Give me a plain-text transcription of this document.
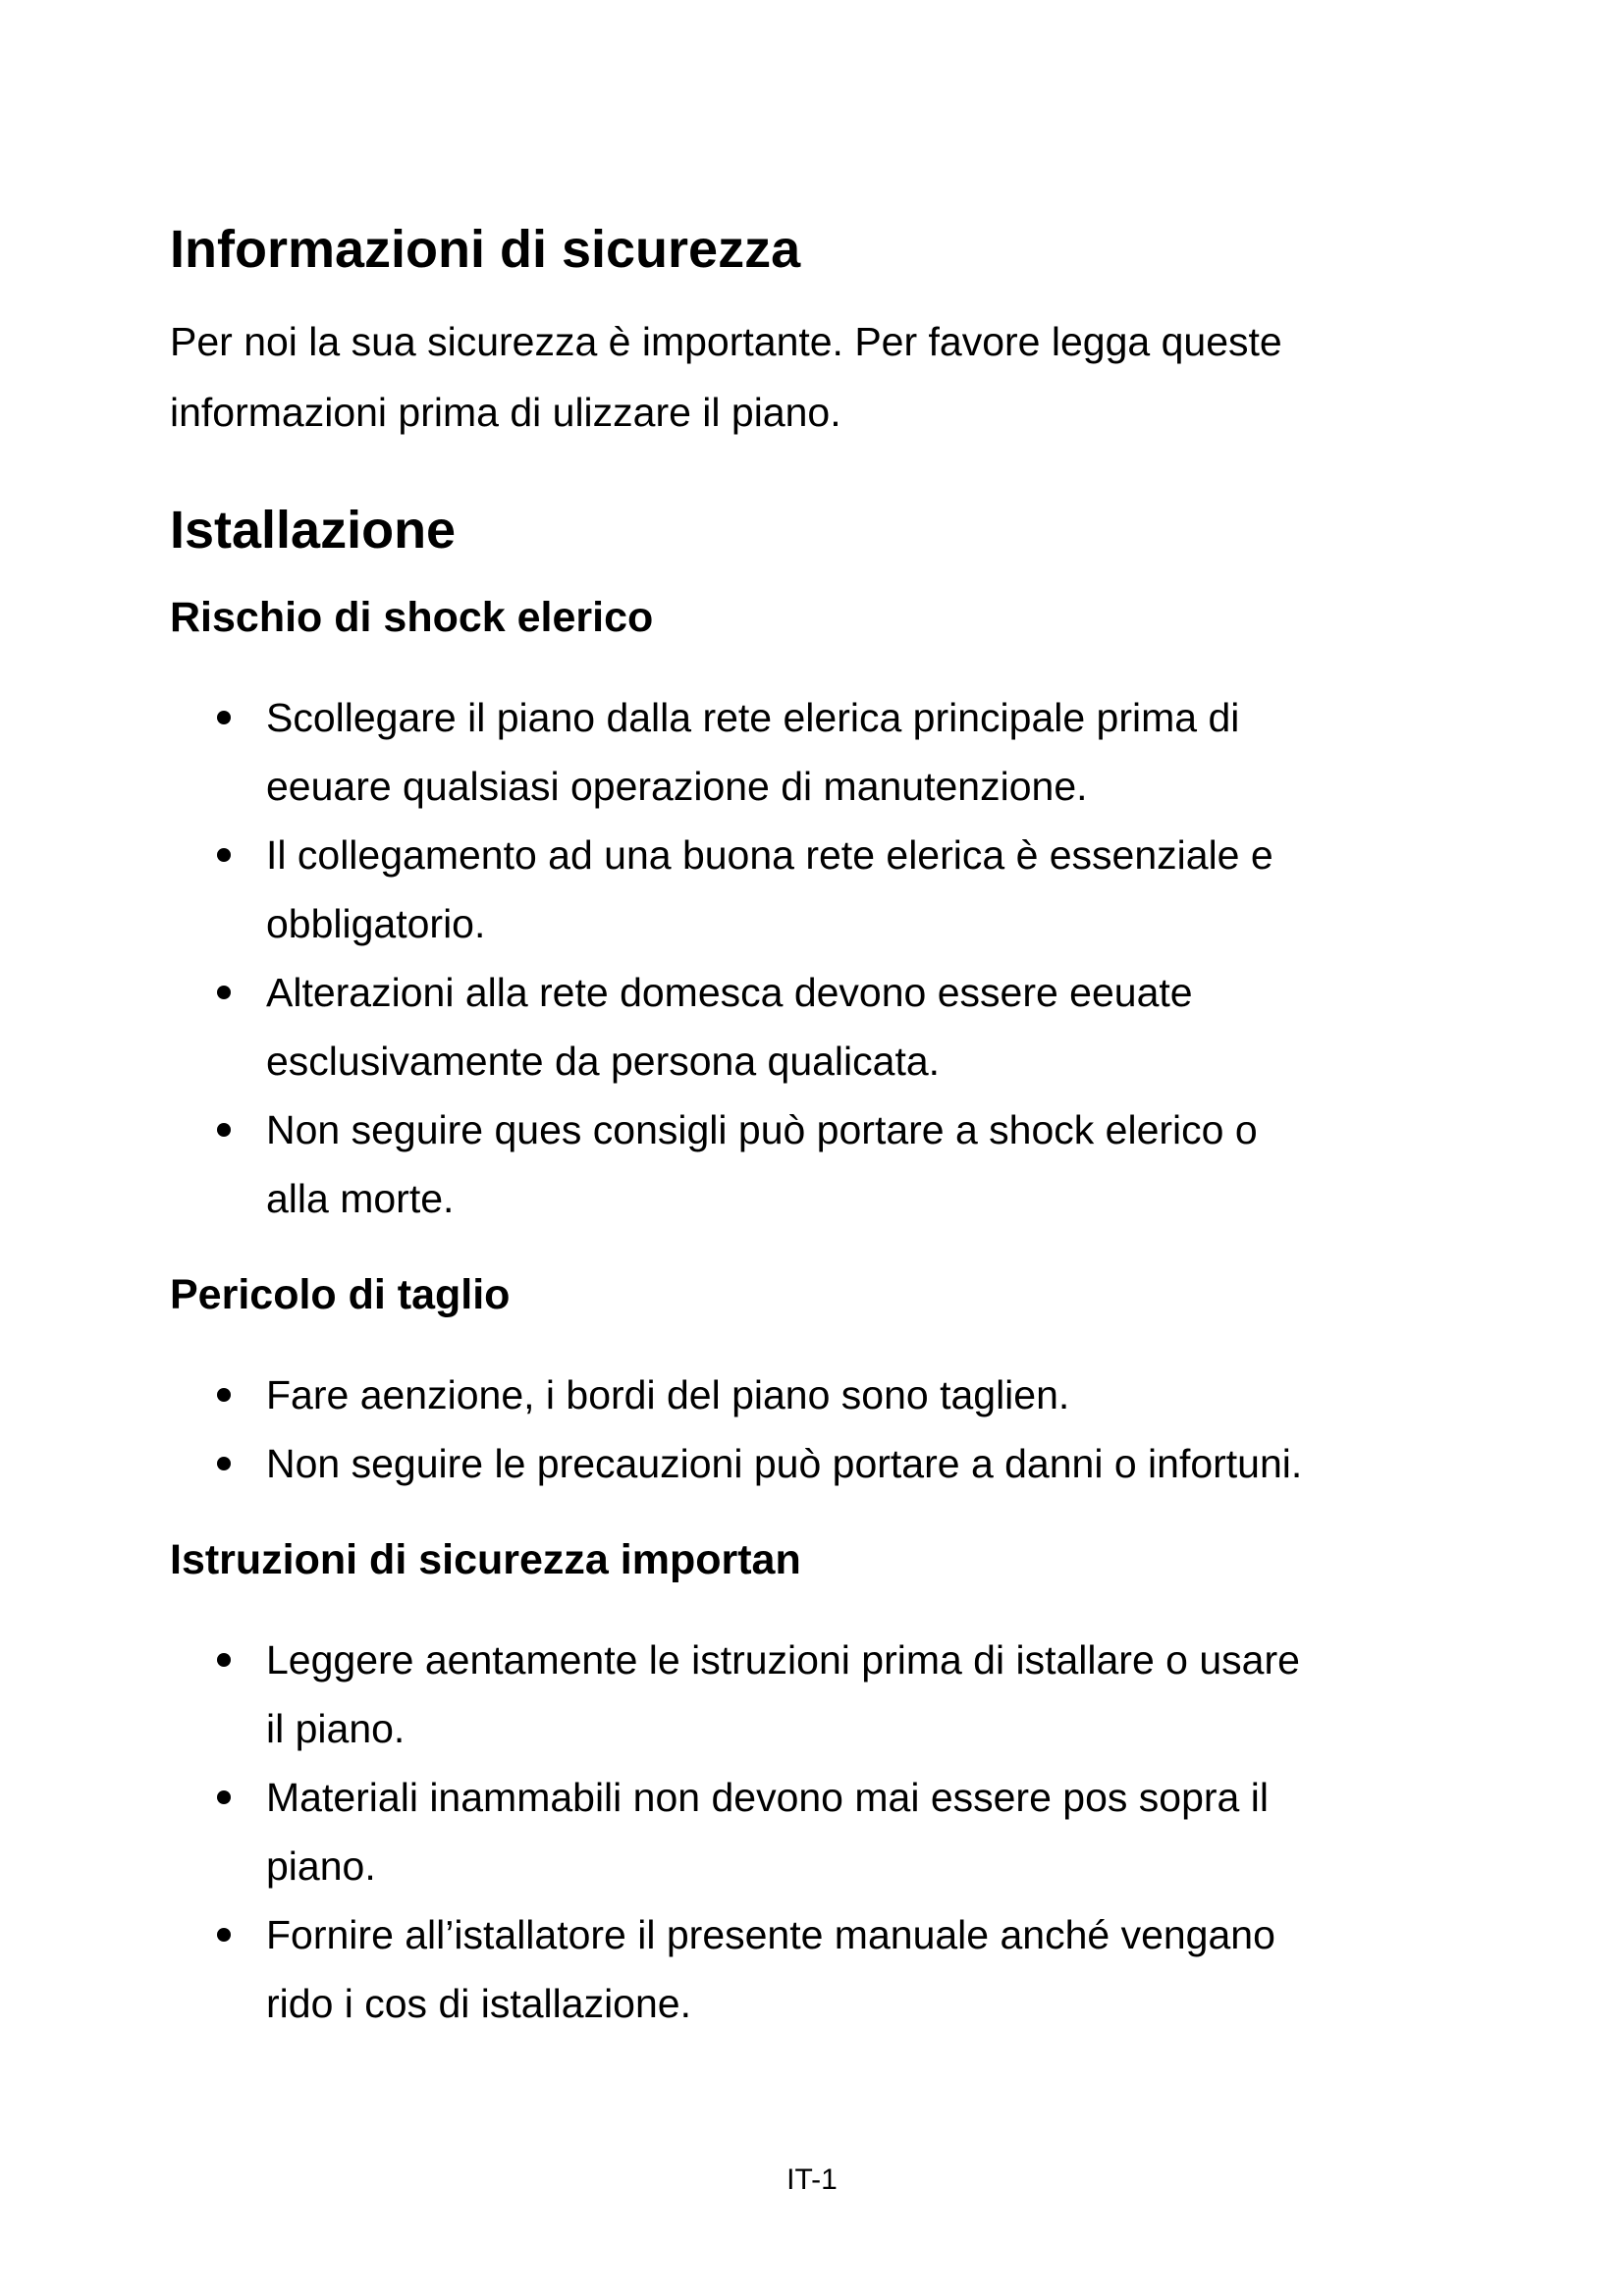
Informazioni di sicurezza

Per noi la sua sicurezza è importante. Per favore legga queste
informazioni prima di ulizzare il piano.

Istallazione
Rischio di shock elerico
Scollegare il piano dalla rete elerica principale prima di
eeuare qualsiasi operazione di manutenzione.
Il collegamento ad una buona rete elerica è essenziale e
obbligatorio.
Alterazioni alla rete domesca devono essere eeuate
esclusivamente da persona qualicata.
Non seguire ques consigli può portare a shock elerico o
alla morte.
Pericolo di taglio
Fare aenzione, i bordi del piano sono taglien.
Non seguire le precauzioni può portare a danni o infortuni.
Istruzioni di sicurezza importan
Leggere aentamente le istruzioni prima di istallare o usare
il piano.
Materiali inammabili non devono mai essere pos sopra il
piano.
Fornire all’istallatore il presente manuale anché vengano
rido i cos di istallazione.
IT-1
